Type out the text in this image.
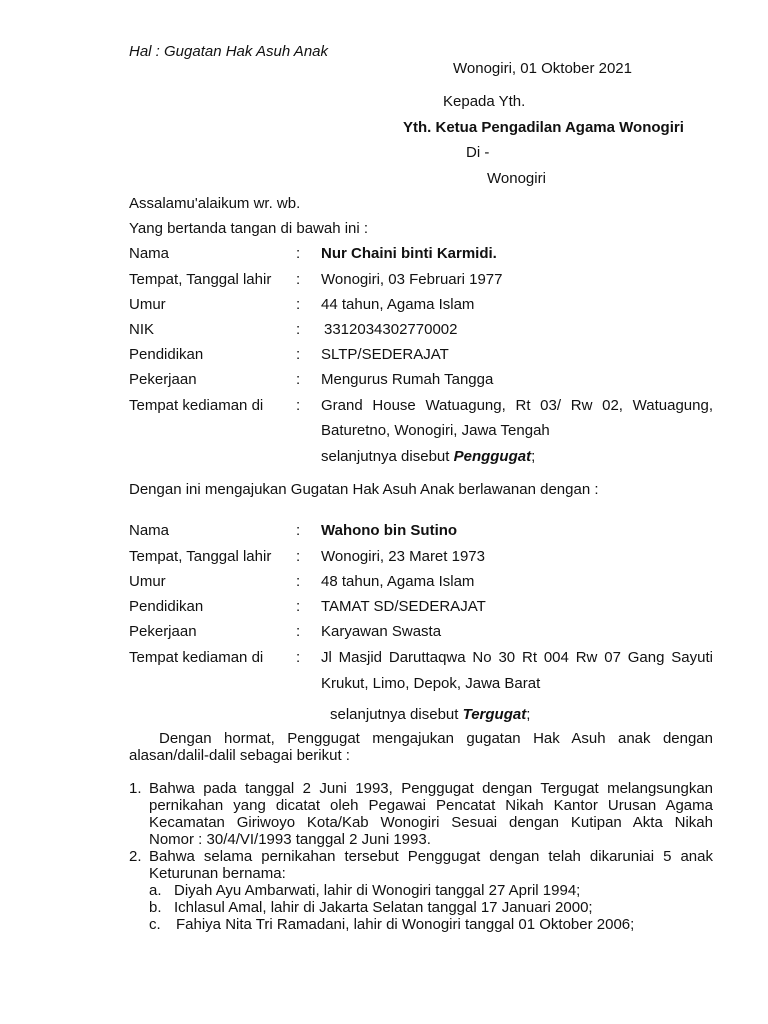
Hal : Gugatan Hak Asuh Anak
Wonogiri, 01 Oktober 2021
Kepada Yth.
Yth. Ketua Pengadilan Agama Wonogiri
Di -
Wonogiri
Assalamu'alaikum wr. wb.
Yang bertanda tangan di bawah ini :
Nama	: Nur Chaini binti Karmidi.
Tempat, Tanggal lahir : Wonogiri, 03 Februari 1977
Umur	: 44 tahun, Agama Islam
NIK	: 3312034302770002
Pendidikan	: SLTP/SEDERAJAT
Pekerjaan	: Mengurus Rumah Tangga
Tempat kediaman di : Grand House Watuagung, Rt 03/ Rw 02, Watuagung,
Baturetno, Wonogiri, Jawa Tengah
selanjutnya disebut Penggugat;
Dengan ini mengajukan Gugatan Hak Asuh Anak berlawanan dengan :
Nama	: Wahono bin Sutino
Tempat, Tanggal lahir : Wonogiri, 23 Maret 1973
Umur	: 48 tahun, Agama Islam
Pendidikan	: TAMAT SD/SEDERAJAT
Pekerjaan	: Karyawan Swasta
Tempat kediaman di : Jl Masjid Daruttaqwa No 30 Rt 004 Rw 07 Gang Sayuti
Krukut, Limo, Depok, Jawa Barat
selanjutnya disebut Tergugat;
Dengan hormat, Penggugat mengajukan gugatan Hak Asuh anak dengan
alasan/dalil-dalil sebagai berikut :
1. Bahwa pada tanggal 2 Juni 1993, Penggugat dengan Tergugat melangsungkan
pernikahan yang dicatat oleh Pegawai Pencatat Nikah Kantor Urusan Agama
Kecamatan Giriwoyo Kota/Kab Wonogiri Sesuai dengan Kutipan Akta Nikah
Nomor : 30/4/VI/1993 tanggal 2 Juni 1993.
2. Bahwa selama pernikahan tersebut Penggugat dengan telah dikaruniai 5 anak
Keturunan bernama:
a. Diyah Ayu Ambarwati, lahir di Wonogiri tanggal 27 April 1994;
b. Ichlasul Amal, lahir di Jakarta Selatan tanggal 17 Januari 2000;
c. Fahiya Nita Tri Ramadani, lahir di Wonogiri tanggal 01 Oktober 2006;
